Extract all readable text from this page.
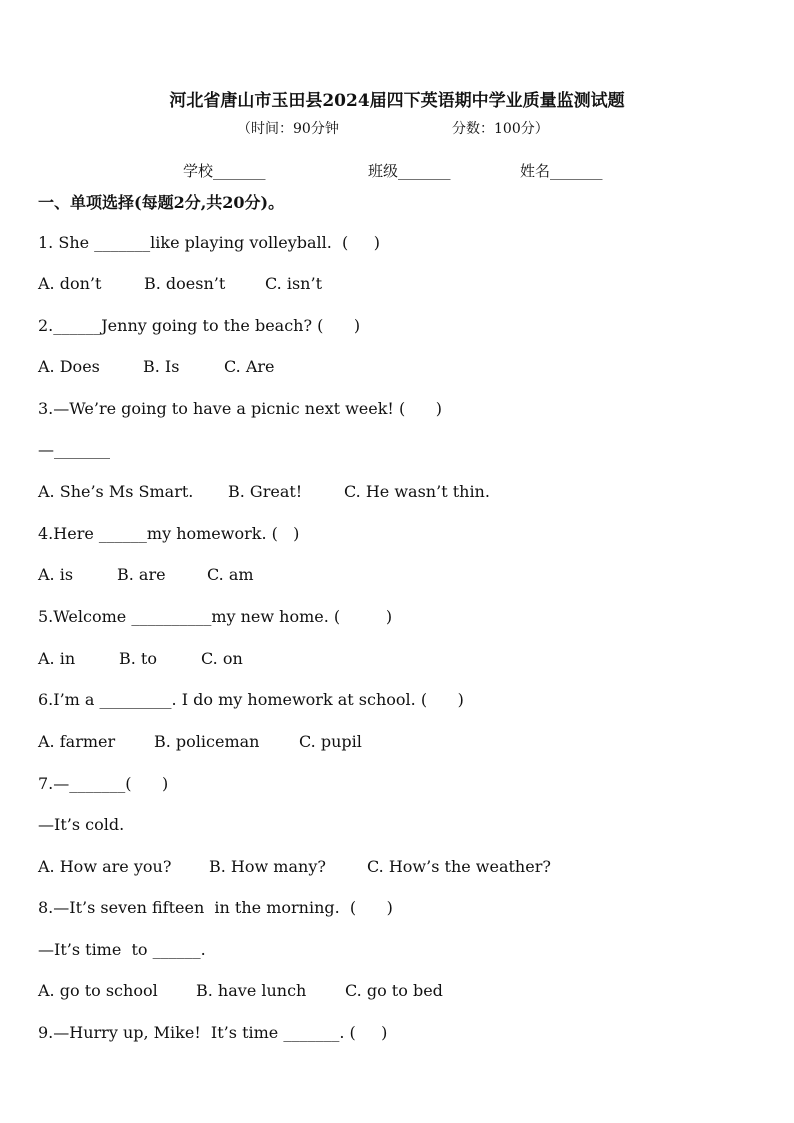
河北省唐山市玉田县2024届四下英语期中学业质量监测试题
（时间：90分钟	分数：100分）
学校_______	班级_______	姓名_______
一、单项选择(每题2分,共20分)。
1. She _______like playing volleyball.  (     )
A. don’t	B. doesn’t C. isn’t
2.______Jenny going to the beach? (      )
A. Does	B. Is	C. Are
3.—We’re going to have a picnic next week! (      )
—_______
A. She’s Ms Smart. B. Great!	C. He wasn’t thin.
4.Here ______my homework. (   )
A. is	B. are	C. am
5.Welcome __________my new home. (         )
A. in	B. to	C. on
6.I’m a _________. I do my homework at school. (      )
A. farmer B. policeman C. pupil
7.—_______(      )
—It’s cold.
A. How are you? B. How many?	C. How’s the weather?
8.—It’s seven fifteen  in the morning.  (      )
—It’s time  to ______.
A. go to school B. have lunch C. go to bed
9.—Hurry up, Mike!  It’s time _______. (     )
